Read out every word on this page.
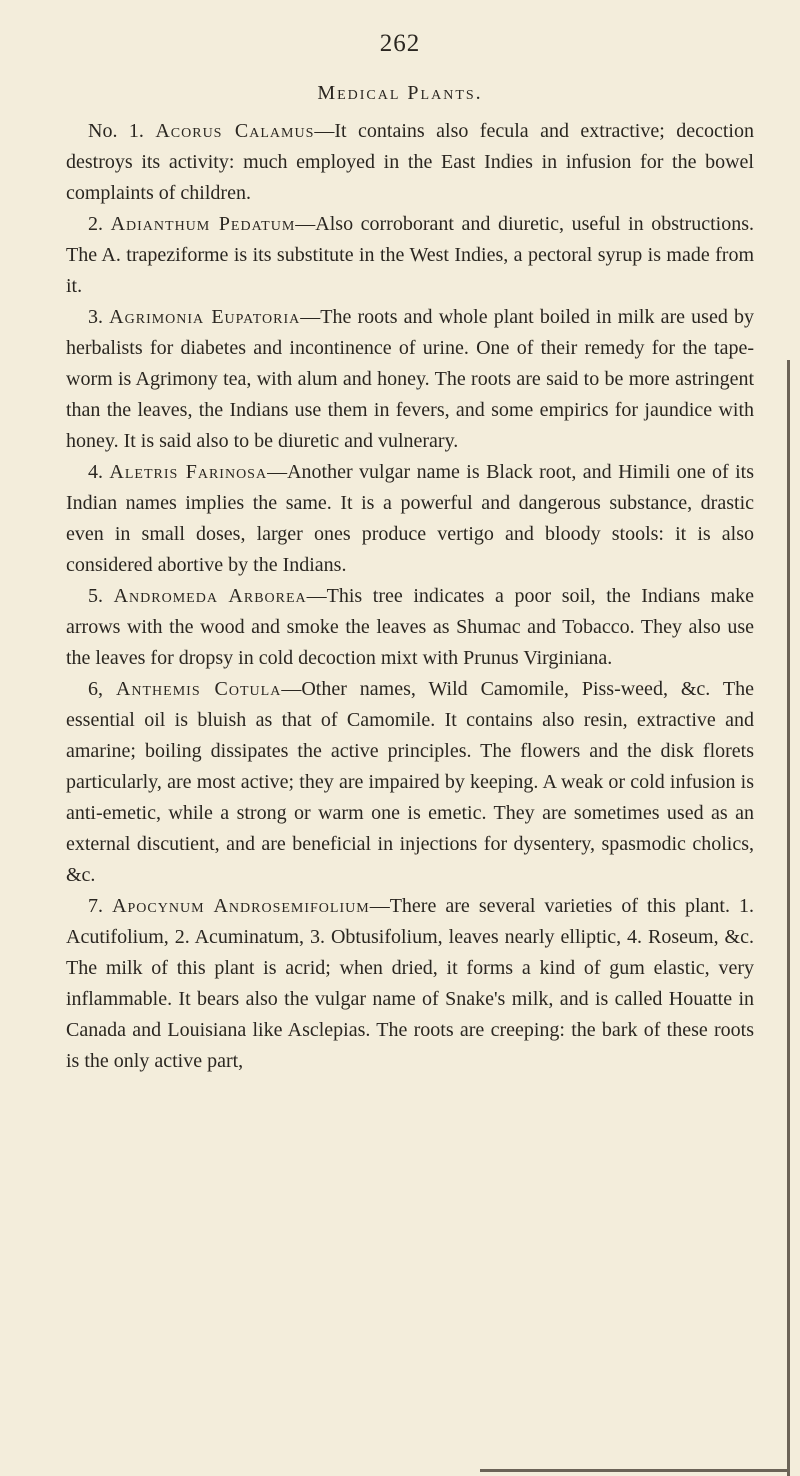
262
Medical Plants.

No. 1. Acorus Calamus—It contains also fecula and extractive; decoction destroys its activity: much employed in the East Indies in infusion for the bowel complaints of children.

2. Adianthum Pedatum—Also corroborant and diuretic, useful in obstructions. The A. trapeziforme is its substitute in the West Indies, a pectoral syrup is made from it.

3. Agrimonia Eupatoria—The roots and whole plant boiled in milk are used by herbalists for diabetes and incontinence of urine. One of their remedy for the tape-worm is Agrimony tea, with alum and honey. The roots are said to be more astringent than the leaves, the Indians use them in fevers, and some empirics for jaundice with honey. It is said also to be diuretic and vulnerary.

4. Aletris Farinosa—Another vulgar name is Black root, and Himili one of its Indian names implies the same. It is a powerful and dangerous substance, drastic even in small doses, larger ones produce vertigo and bloody stools: it is also considered abortive by the Indians.

5. Andromeda Arborea—This tree indicates a poor soil, the Indians make arrows with the wood and smoke the leaves as Shumac and Tobacco. They also use the leaves for dropsy in cold decoction mixt with Prunus Virginiana.

6, Anthemis Cotula—Other names, Wild Camomile, Piss-weed, &c. The essential oil is bluish as that of Camomile. It contains also resin, extractive and amarine; boiling dissipates the active principles. The flowers and the disk florets particularly, are most active; they are impaired by keeping. A weak or cold infusion is anti-emetic, while a strong or warm one is emetic. They are sometimes used as an external discutient, and are beneficial in injections for dysentery, spasmodic cholics, &c.

7. Apocynum Androsemifolium—There are several varieties of this plant. 1. Acutifolium, 2. Acuminatum, 3. Obtusifolium, leaves nearly elliptic, 4. Roseum, &c. The milk of this plant is acrid; when dried, it forms a kind of gum elastic, very inflammable. It bears also the vulgar name of Snake's milk, and is called Houatte in Canada and Louisiana like Asclepias. The roots are creeping: the bark of these roots is the only active part,
